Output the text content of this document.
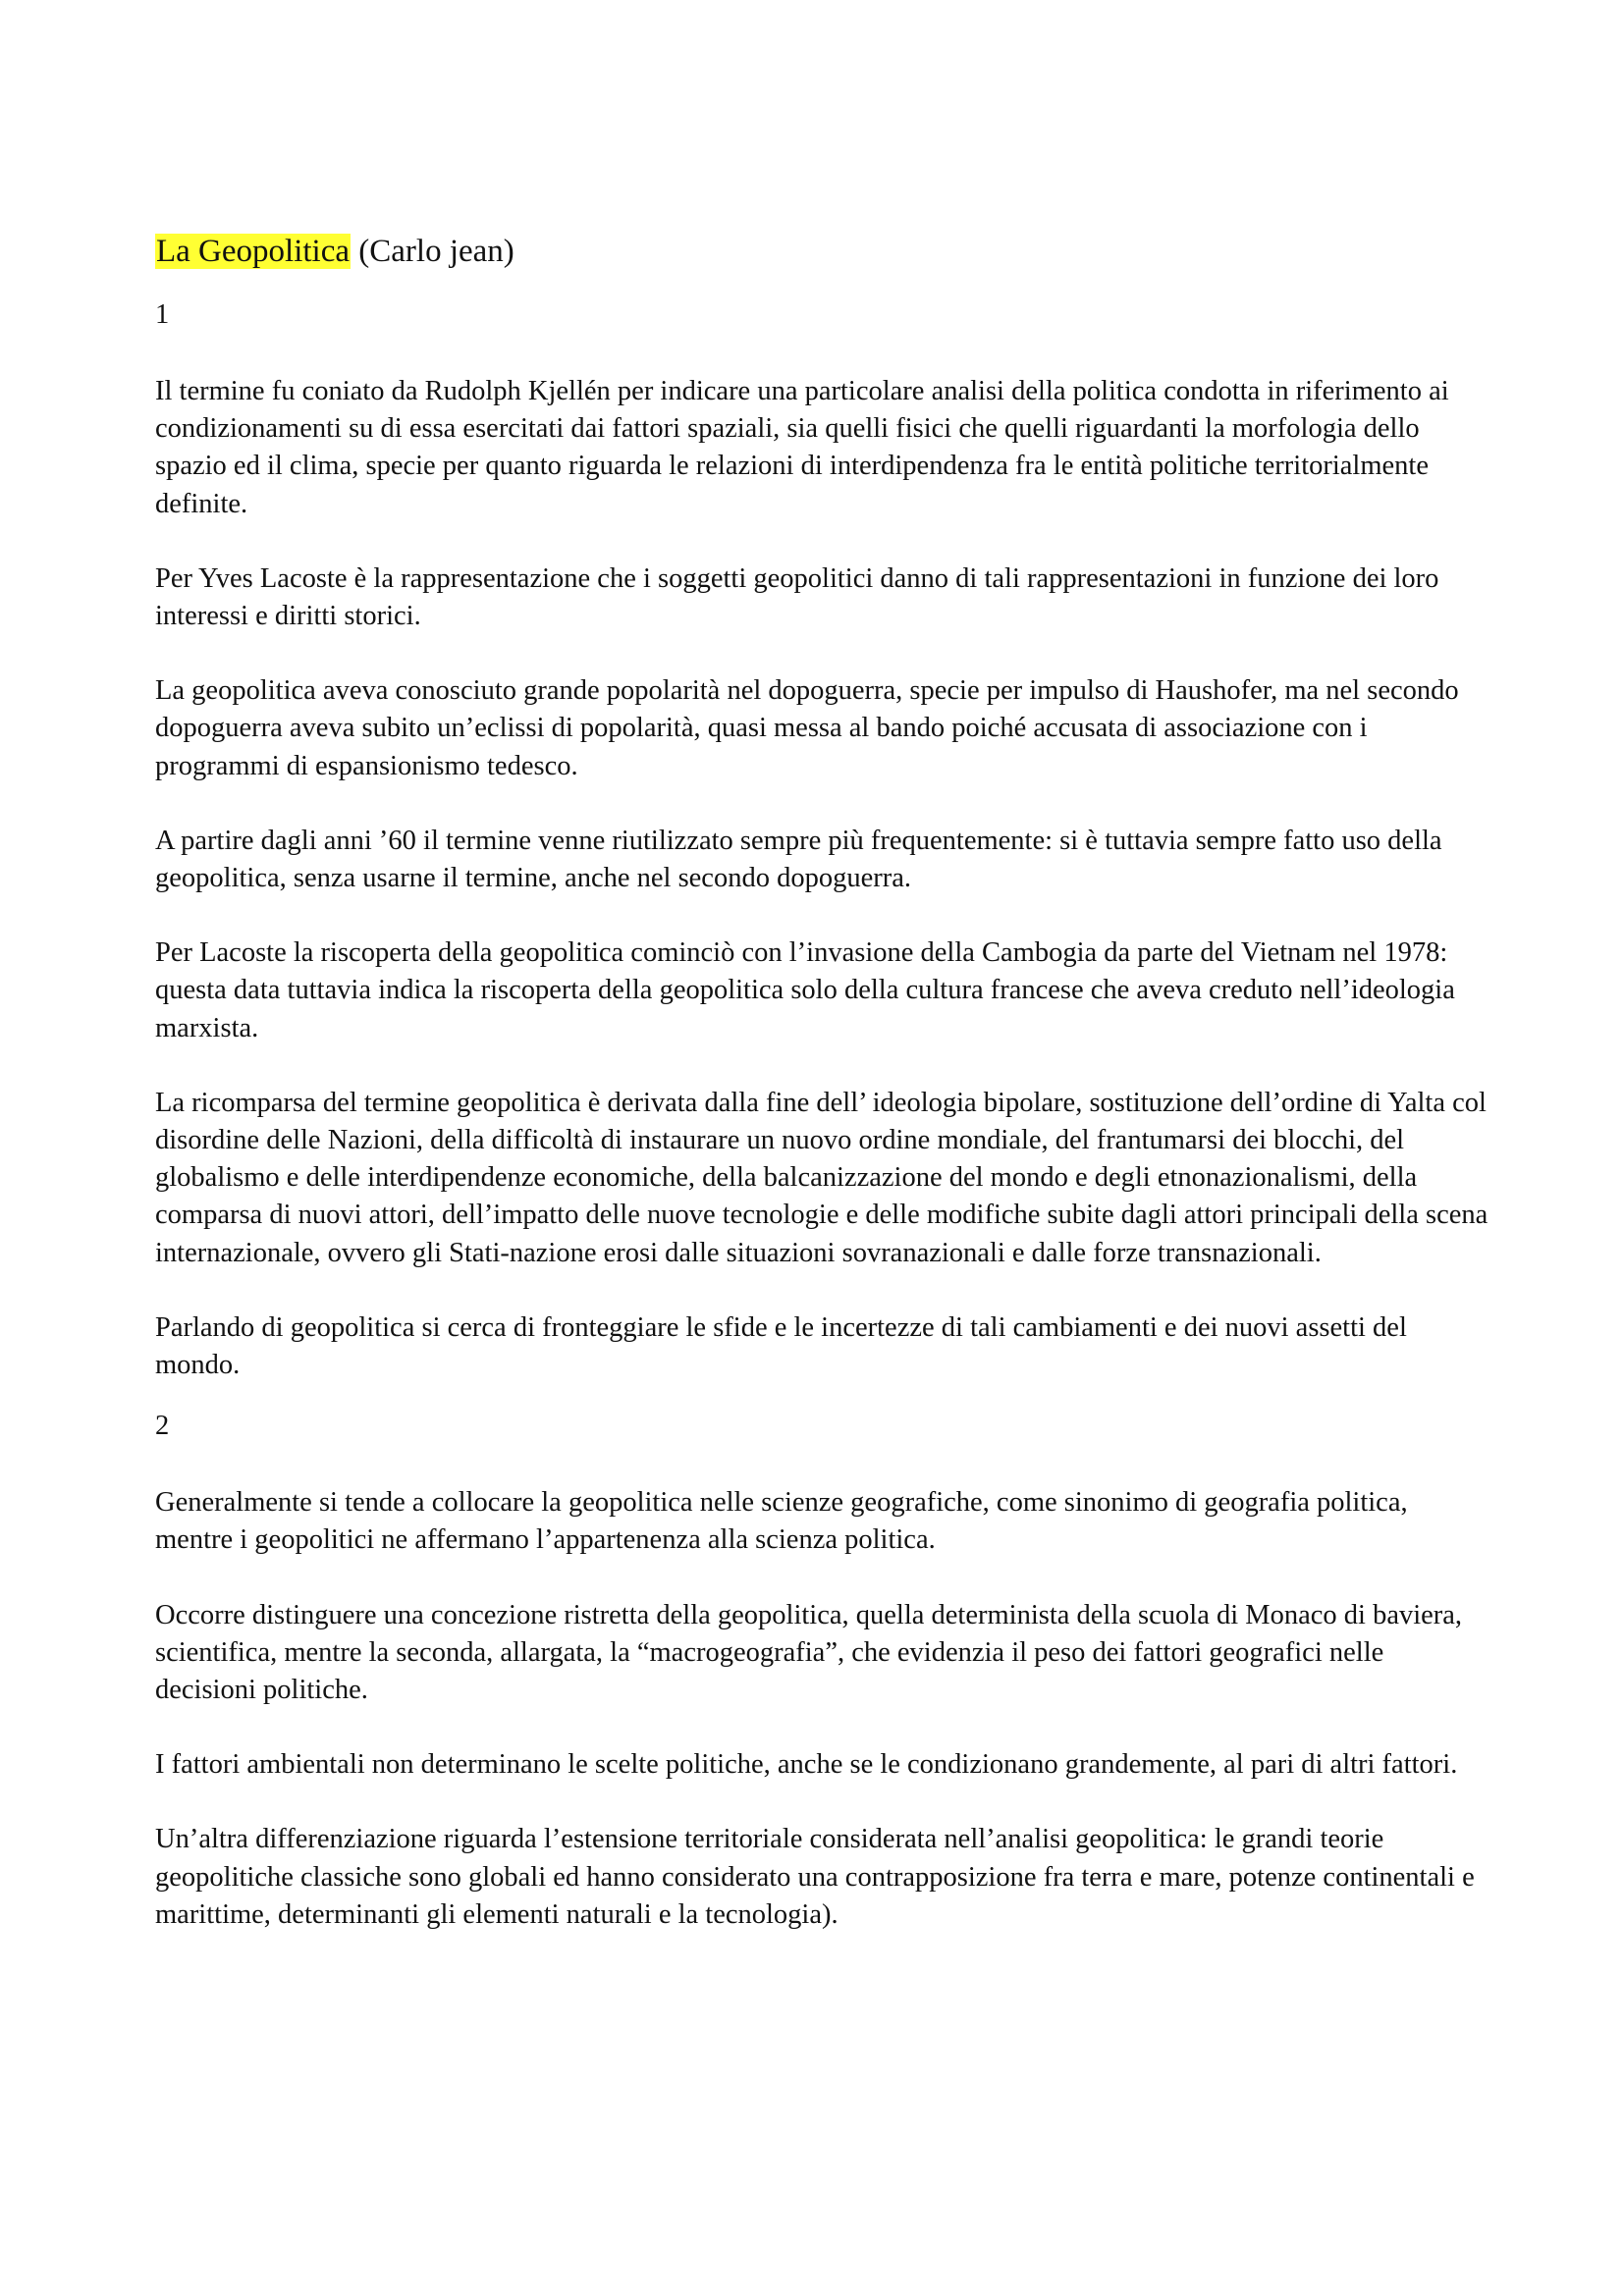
La Geopolitica (Carlo jean)
1

Il termine fu coniato da Rudolph Kjellén per indicare una particolare analisi della politica condotta in riferimento ai condizionamenti su di essa esercitati dai fattori spaziali, sia quelli fisici che quelli riguardanti la morfologia dello spazio ed il clima, specie per quanto riguarda le relazioni di interdipendenza fra le entità politiche territorialmente definite.

Per Yves Lacoste è la rappresentazione che i soggetti geopolitici danno di tali rappresentazioni in funzione dei loro interessi e diritti storici.

La geopolitica aveva conosciuto grande popolarità nel dopoguerra, specie per impulso di Haushofer, ma nel secondo dopoguerra aveva subito un’eclissi di popolarità, quasi messa al bando poiché accusata di associazione con i programmi di espansionismo tedesco.

A partire dagli anni ’60 il termine venne riutilizzato sempre più frequentemente: si è tuttavia sempre fatto uso della geopolitica, senza usarne il termine, anche nel secondo dopoguerra.

Per Lacoste la riscoperta della geopolitica cominciò con l’invasione della Cambogia da parte del Vietnam nel 1978: questa data tuttavia indica la riscoperta della geopolitica solo della cultura francese che aveva creduto nell’ideologia marxista.

La ricomparsa del termine geopolitica è derivata dalla fine dell’ ideologia bipolare, sostituzione dell’ordine di Yalta col disordine delle Nazioni, della difficoltà di instaurare un nuovo ordine mondiale, del frantumarsi dei blocchi, del globalismo e delle interdipendenze economiche, della balcanizzazione del mondo e degli etnonazionalismi, della comparsa di nuovi attori, dell’impatto delle nuove tecnologie e delle modifiche subite dagli attori principali della scena internazionale, ovvero gli Stati-nazione erosi dalle situazioni sovranazionali e dalle forze transnazionali.

Parlando di geopolitica si cerca di fronteggiare le sfide e le incertezze di tali cambiamenti e dei nuovi assetti del mondo.

2

Generalmente si tende a collocare la geopolitica nelle scienze geografiche, come sinonimo di geografia politica, mentre i geopolitici ne affermano l’appartenenza alla scienza politica.

Occorre distinguere una concezione ristretta della geopolitica, quella determinista della scuola di Monaco di baviera, scientifica, mentre la seconda, allargata, la “macrogeografia”, che evidenzia il peso dei fattori geografici nelle decisioni politiche.

I fattori ambientali non determinano le scelte politiche, anche se le condizionano grandemente, al pari di altri fattori.

Un’altra differenziazione riguarda l’estensione territoriale considerata nell’analisi geopolitica: le grandi teorie geopolitiche classiche sono globali ed hanno considerato una contrapposizione fra terra e mare, potenze continentali e marittime, determinanti gli elementi naturali e la tecnologia).
